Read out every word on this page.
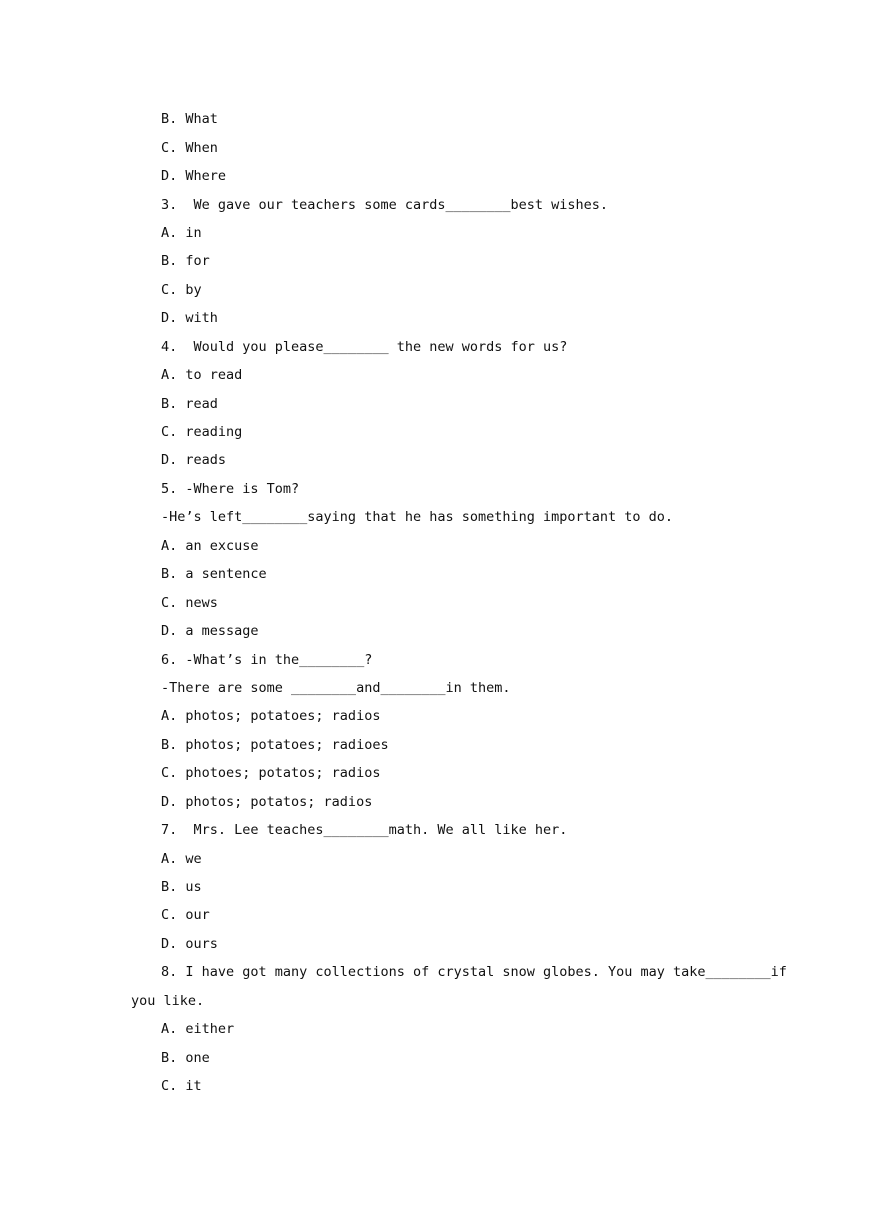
B. What
C. When
D. Where
3.  We gave our teachers some cards________best wishes.
A. in
B. for
C. by
D. with
4.  Would you please________ the new words for us?
A. to read
B. read
C. reading
D. reads
5. -Where is Tom?
-He’s left________saying that he has something important to do.
A. an excuse
B. a sentence
C. news
D. a message
6. -What’s in the________?
-There are some ________and________in them.
A. photos; potatoes; radios
B. photos; potatoes; radioes
C. photoes; potatos; radios
D. photos; potatos; radios
7.  Mrs. Lee teaches________math. We all like her.
A. we
B. us
C. our
D. ours
8. I have got many collections of crystal snow globes. You may take________if
you like.
A. either
B. one
C. it
